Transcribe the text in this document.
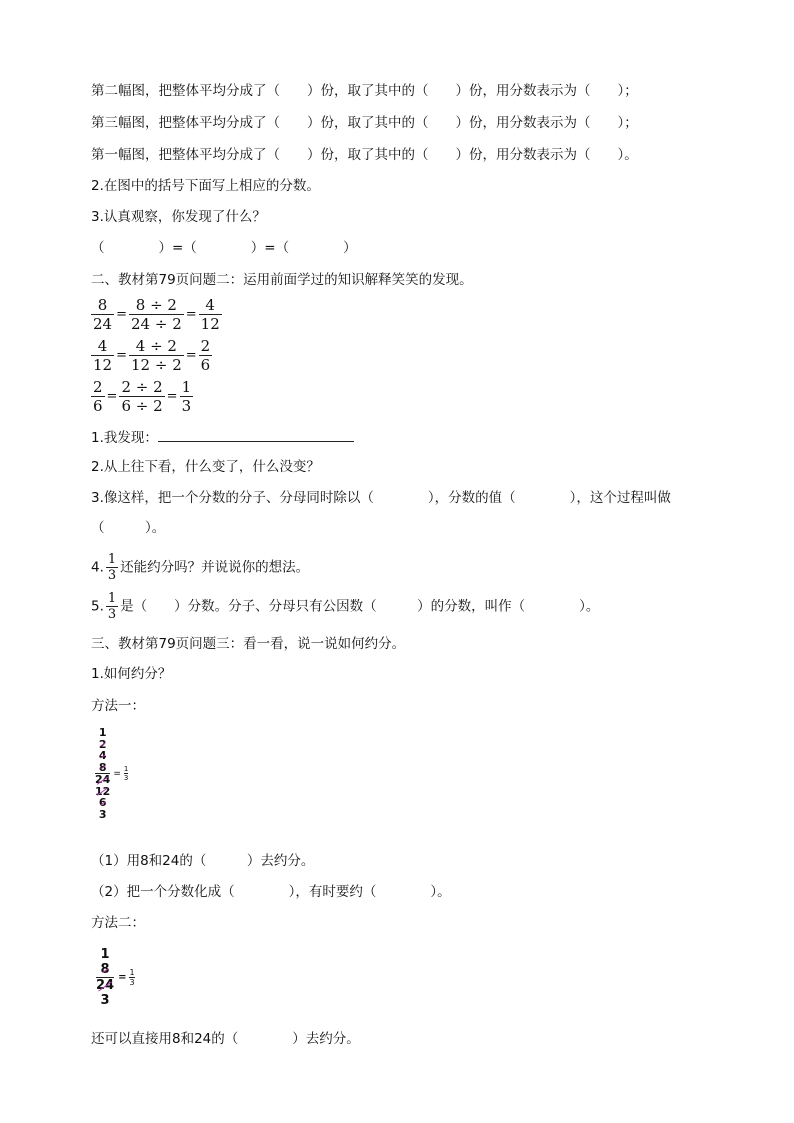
第二幅图，把整体平均分成了（　　）份，取了其中的（　　）份，用分数表示为（　　）；
第三幅图，把整体平均分成了（　　）份，取了其中的（　　）份，用分数表示为（　　）；
第一幅图，把整体平均分成了（　　）份，取了其中的（　　）份，用分数表示为（　　）。
2.在图中的括号下面写上相应的分数。
3.认真观察，你发现了什么？
（　　　　）=（　　　　）=（　　　　）
二、教材第79页问题二：运用前面学过的知识解释笑笑的发现。
$\frac{8}{24} = \frac{8 \div 2}{24 \div 2} = \frac{4}{12}$
$\frac{4}{12} = \frac{4 \div 2}{12 \div 2} = \frac{2}{6}$
$\frac{2}{6} = \frac{2 \div 2}{6 \div 2} = \frac{1}{3}$
1.我发现：
2.从上往下看，什么变了，什么没变？
3.像这样，把一个分数的分子、分母同时除以（　　　　），分数的值（　　　　），这个过程叫做
（　　　）。
4. $\frac{1}{3}$ 还能约分吗？并说说你的想法。
5. $\frac{1}{3}$ 是（　　）分数。分子、分母只有公因数（　　　）的分数，叫作（　　　　）。
三、教材第79页问题三：看一看，说一说如何约分。
1.如何约分？
方法一：
1
2
4
8
24
12
6
3
= $\frac{1}{3}$
（1）用8和24的（　　　）去约分。
（2）把一个分数化成（　　　　），有时要约（　　　　）。
方法二：
1
8
24
3
= $\frac{1}{3}$
还可以直接用8和24的（　　　　）去约分。
